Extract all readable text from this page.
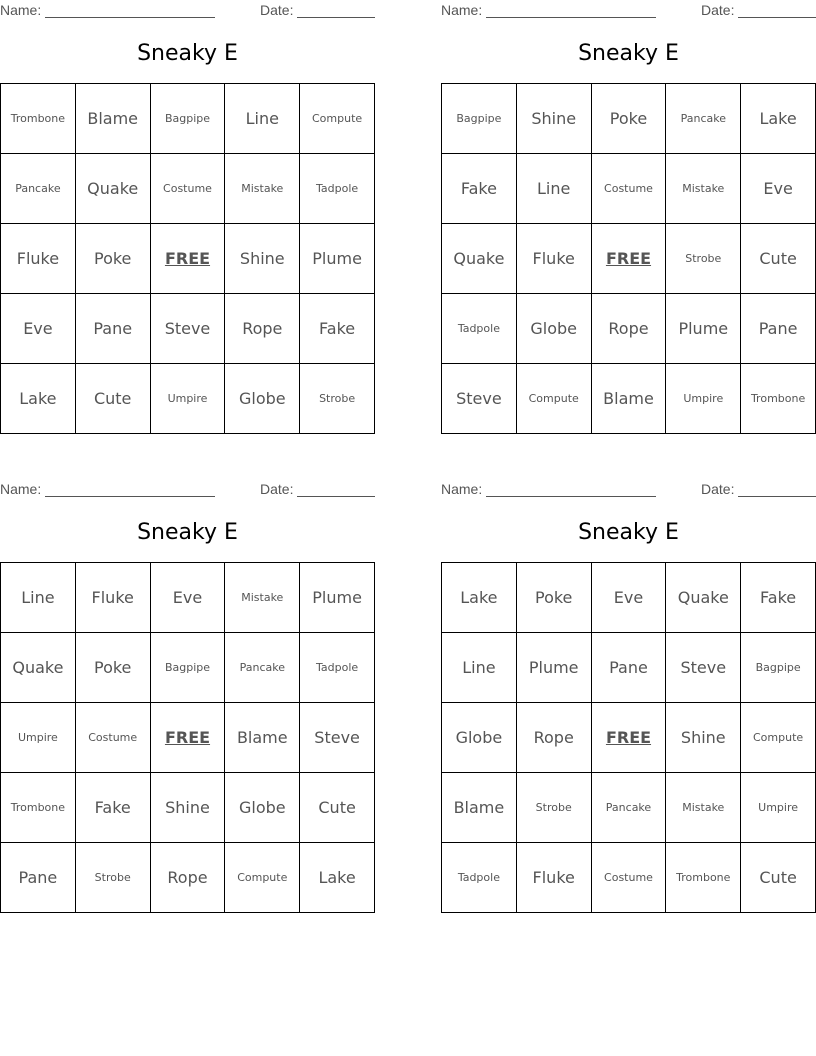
Name:	Date:
Sneaky E
Trombone	Blame	Bagpipe	Line	Compute
Pancake	Quake	Costume	Mistake	Tadpole
Fluke	Poke	FREE	Shine	Plume
Eve	Pane	Steve	Rope	Fake
Lake	Cute	Umpire	Globe	Strobe
Name:	Date:
Sneaky E
Bagpipe	Shine	Poke	Pancake	Lake
Fake	Line	Costume	Mistake	Eve
Quake	Fluke	FREE	Strobe	Cute
Tadpole	Globe	Rope	Plume	Pane
Steve	Compute	Blame	Umpire	Trombone
Name:	Date:
Sneaky E
Line	Fluke	Eve	Mistake	Plume
Quake	Poke	Bagpipe	Pancake	Tadpole
Umpire	Costume	FREE	Blame	Steve
Trombone	Fake	Shine	Globe	Cute
Pane	Strobe	Rope	Compute	Lake
Name:	Date:
Sneaky E
Lake	Poke	Eve	Quake	Fake
Line	Plume	Pane	Steve	Bagpipe
Globe	Rope	FREE	Shine	Compute
Blame	Strobe	Pancake	Mistake	Umpire
Tadpole	Fluke	Costume	Trombone	Cute
